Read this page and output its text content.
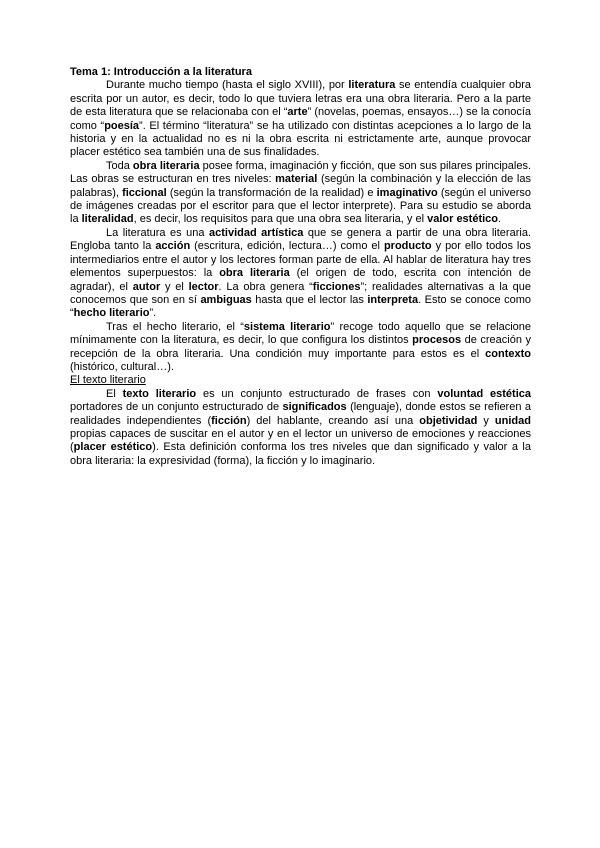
Tema 1: Introducción a la literatura

Durante mucho tiempo (hasta el siglo XVIII), por literatura se entendía cualquier obra escrita por un autor, es decir, todo lo que tuviera letras era una obra literaria. Pero a la parte de esta literatura que se relacionaba con el “arte” (novelas, poemas, ensayos…) se la conocía como “poesía”. El término “literatura” se ha utilizado con distintas acepciones a lo largo de la historia y en la actualidad no es ni la obra escrita ni estrictamente arte, aunque provocar placer estético sea también una de sus finalidades.

Toda obra literaria posee forma, imaginación y ficción, que son sus pilares principales. Las obras se estructuran en tres niveles: material (según la combinación y la elección de las palabras), ficcional (según la transformación de la realidad) e imaginativo (según el universo de imágenes creadas por el escritor para que el lector interprete). Para su estudio se aborda la literalidad, es decir, los requisitos para que una obra sea literaria, y el valor estético.

La literatura es una actividad artística que se genera a partir de una obra literaria. Engloba tanto la acción (escritura, edición, lectura…) como el producto y por ello todos los intermediarios entre el autor y los lectores forman parte de ella. Al hablar de literatura hay tres elementos superpuestos: la obra literaria (el origen de todo, escrita con intención de agradar), el autor y el lector. La obra genera “ficciones”; realidades alternativas a la que conocemos que son en sí ambiguas hasta que el lector las interpreta. Esto se conoce como “hecho literario”.

Tras el hecho literario, el “sistema literario” recoge todo aquello que se relacione mínimamente con la literatura, es decir, lo que configura los distintos procesos de creación y recepción de la obra literaria. Una condición muy importante para estos es el contexto (histórico, cultural…).

El texto literario

El texto literario es un conjunto estructurado de frases con voluntad estética portadores de un conjunto estructurado de significados (lenguaje), donde estos se refieren a realidades independientes (ficción) del hablante, creando así una objetividad y unidad propias capaces de suscitar en el autor y en el lector un universo de emociones y reacciones (placer estético). Esta definición conforma los tres niveles que dan significado y valor a la obra literaria: la expresividad (forma), la ficción y lo imaginario.
